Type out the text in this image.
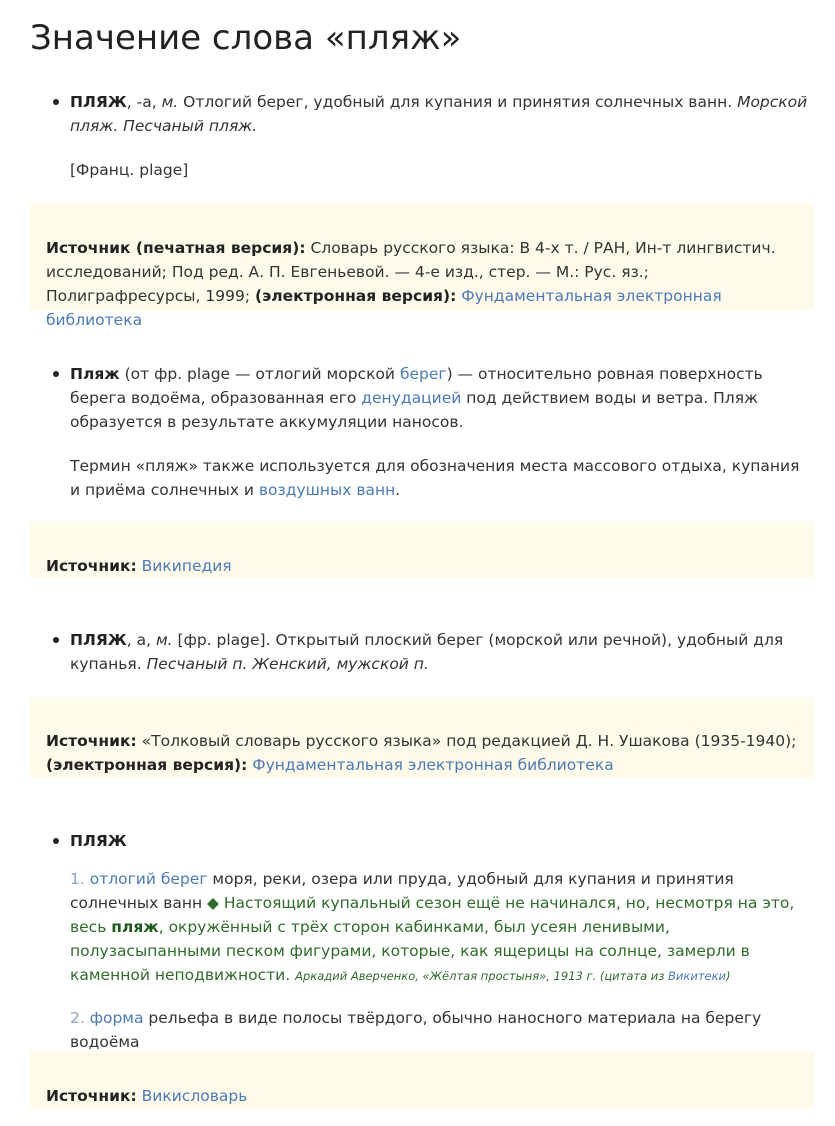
Значение слова «пляж»

ПЛЯЖ, -а, м. Отлогий берег, удобный для купания и принятия солнечных ванн. Морской пляж. Песчаный пляж.

[Франц. plage]

Источник (печатная версия): Словарь русского языка: В 4-х т. / РАН, Ин-т лингвистич. исследований; Под ред. А. П. Евгеньевой. — 4-е изд., стер. — М.: Рус. яз.; Полиграфресурсы, 1999; (электронная версия): Фундаментальная электронная библиотека

Пляж (от фр. plage — отлогий морской берег) — относительно ровная поверхность берега водоёма, образованная его денудацией под действием воды и ветра. Пляж образуется в результате аккумуляции наносов.

Термин «пляж» также используется для обозначения места массового отдыха, купания и приёма солнечных и воздушных ванн.

Источник: Википедия

ПЛЯЖ, а, м. [фр. plage]. Открытый плоский берег (морской или речной), удобный для купанья. Песчаный п. Женский, мужской п.

Источник: «Толковый словарь русского языка» под редакцией Д. Н. Ушакова (1935-1940); (электронная версия): Фундаментальная электронная библиотека

ПЛЯЖ

1. отлогий берег моря, реки, озера или пруда, удобный для купания и принятия солнечных ванн ◆ Настоящий купальный сезон ещё не начинался, но, несмотря на это, весь пляж, окружённый с трёх сторон кабинками, был усеян ленивыми, полузасыпанными песком фигурами, которые, как ящерицы на солнце, замерли в каменной неподвижности. Аркадий Аверченко, «Жёлтая простыня», 1913 г. (цитата из Викитеки)

2. форма рельефа в виде полосы твёрдого, обычно наносного материала на берегу водоёма

Источник: Викисловарь
